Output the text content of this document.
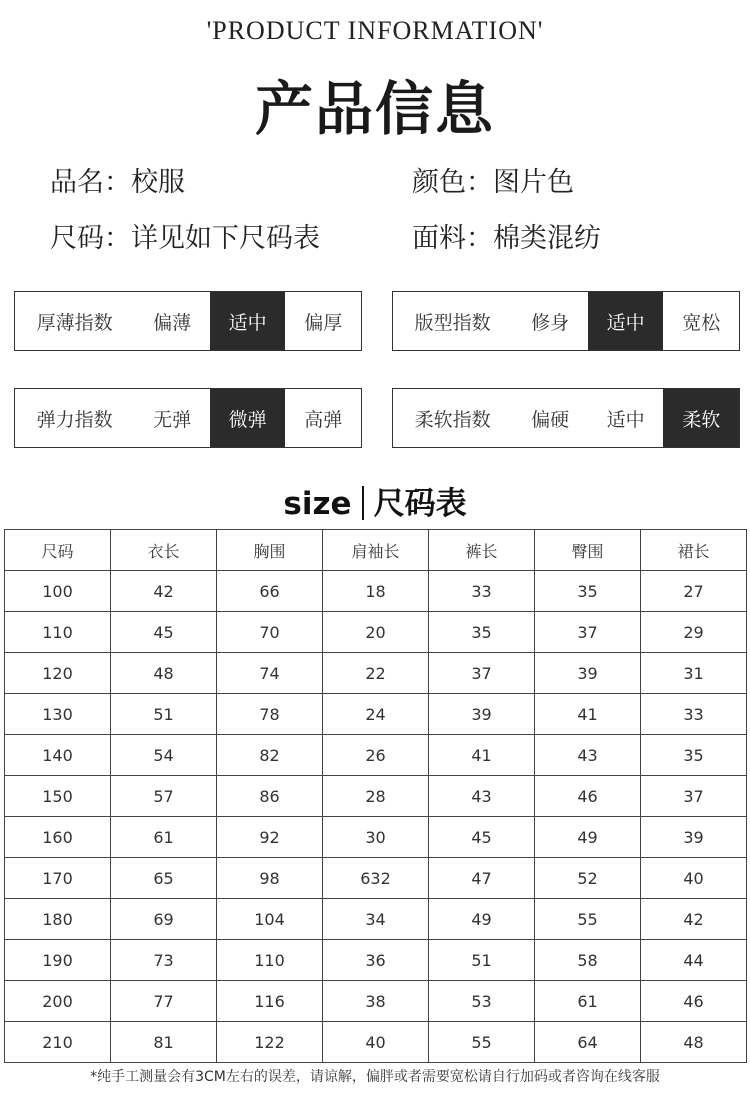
'PRODUCT INFORMATION'
产品信息
品名：校服	颜色：图片色
尺码：详见如下尺码表	面料：棉类混纺
厚薄指数	偏薄	适中	偏厚	版型指数	修身	适中	宽松
弹力指数	无弹	微弹	高弹	柔软指数	偏硬	适中	柔软
size 尺码表
尺码	衣长	胸围	肩袖长	裤长	臀围	裙长
100	42	66	18	33	35	27
110	45	70	20	35	37	29
120	48	74	22	37	39	31
130	51	78	24	39	41	33
140	54	82	26	41	43	35
150	57	86	28	43	46	37
160	61	92	30	45	49	39
170	65	98	632	47	52	40
180	69	104	34	49	55	42
190	73	110	36	51	58	44
200	77	116	38	53	61	46
210	81	122	40	55	64	48
*纯手工测量会有3CM左右的误差，请谅解，偏胖或者需要宽松请自行加码或者咨询在线客服
